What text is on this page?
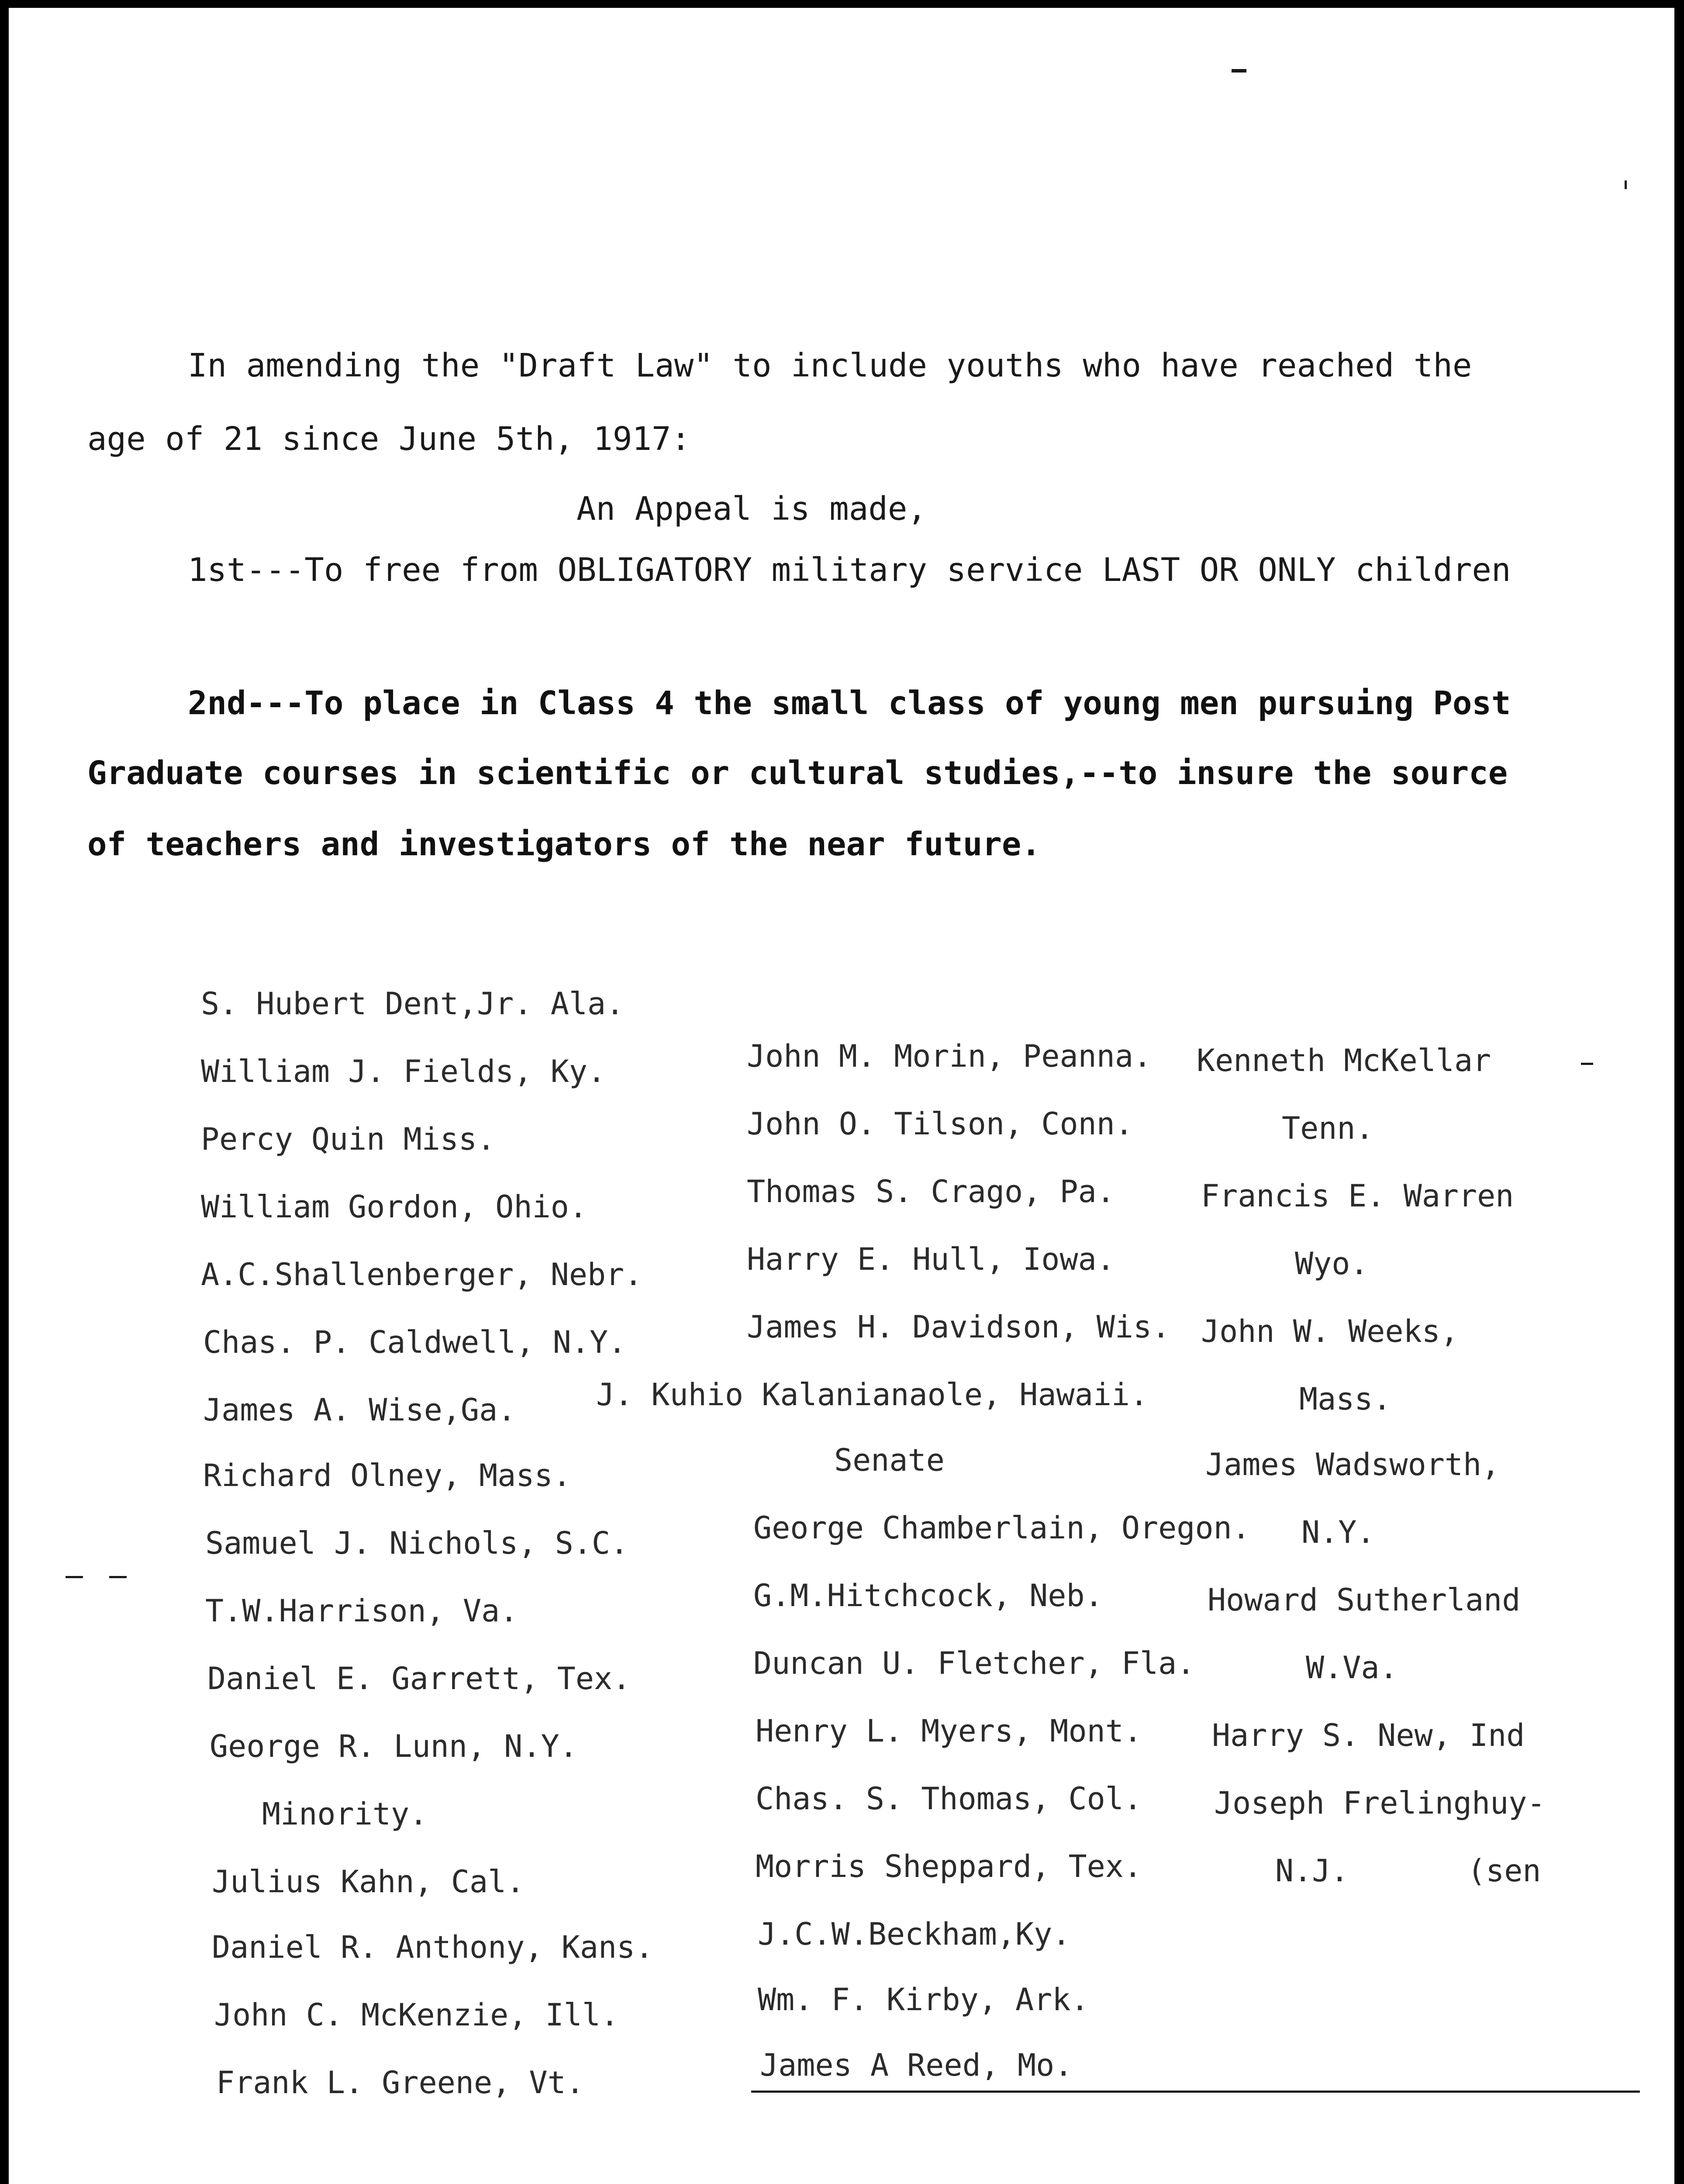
In amending the "Draft Law" to include youths who have reached the
age of 21 since June 5th, 1917:
An Appeal is made,
1st---To free from OBLIGATORY military service LAST OR ONLY children
2nd---To place in Class 4 the small class of young men pursuing Post
Graduate courses in scientific or cultural studies,--to insure the source
of teachers and investigators of the near future.
S. Hubert Dent,Jr. Ala.
William J. Fields, Ky.
Percy Quin Miss.
William Gordon, Ohio.
A.C.Shallenberger, Nebr.
Chas. P. Caldwell, N.Y.
James A. Wise,Ga.
Richard Olney, Mass.
Samuel J. Nichols, S.C.
T.W.Harrison, Va.
Daniel E. Garrett, Tex.
George R. Lunn, N.Y.
Minority.
Julius Kahn, Cal.
Daniel R. Anthony, Kans.
John C. McKenzie, Ill.
Frank L. Greene, Vt.
John M. Morin, Peanna.
John O. Tilson, Conn.
Thomas S. Crago, Pa.
Harry E. Hull, Iowa.
James H. Davidson, Wis.
J. Kuhio Kalanianaole, Hawaii.
Senate
George Chamberlain, Oregon.
G.M.Hitchcock, Neb.
Duncan U. Fletcher, Fla.
Henry L. Myers, Mont.
Chas. S. Thomas, Col.
Morris Sheppard, Tex.
J.C.W.Beckham,Ky.
Wm. F. Kirby, Ark.
James A Reed, Mo.
Kenneth McKellar
Tenn.
Francis E. Warren
Wyo.
John W. Weeks,
Mass.
James Wadsworth,
N.Y.
Howard Sutherland
W.Va.
Harry S. New, Ind
Joseph Frelinghuy-
N.J.	(sen
